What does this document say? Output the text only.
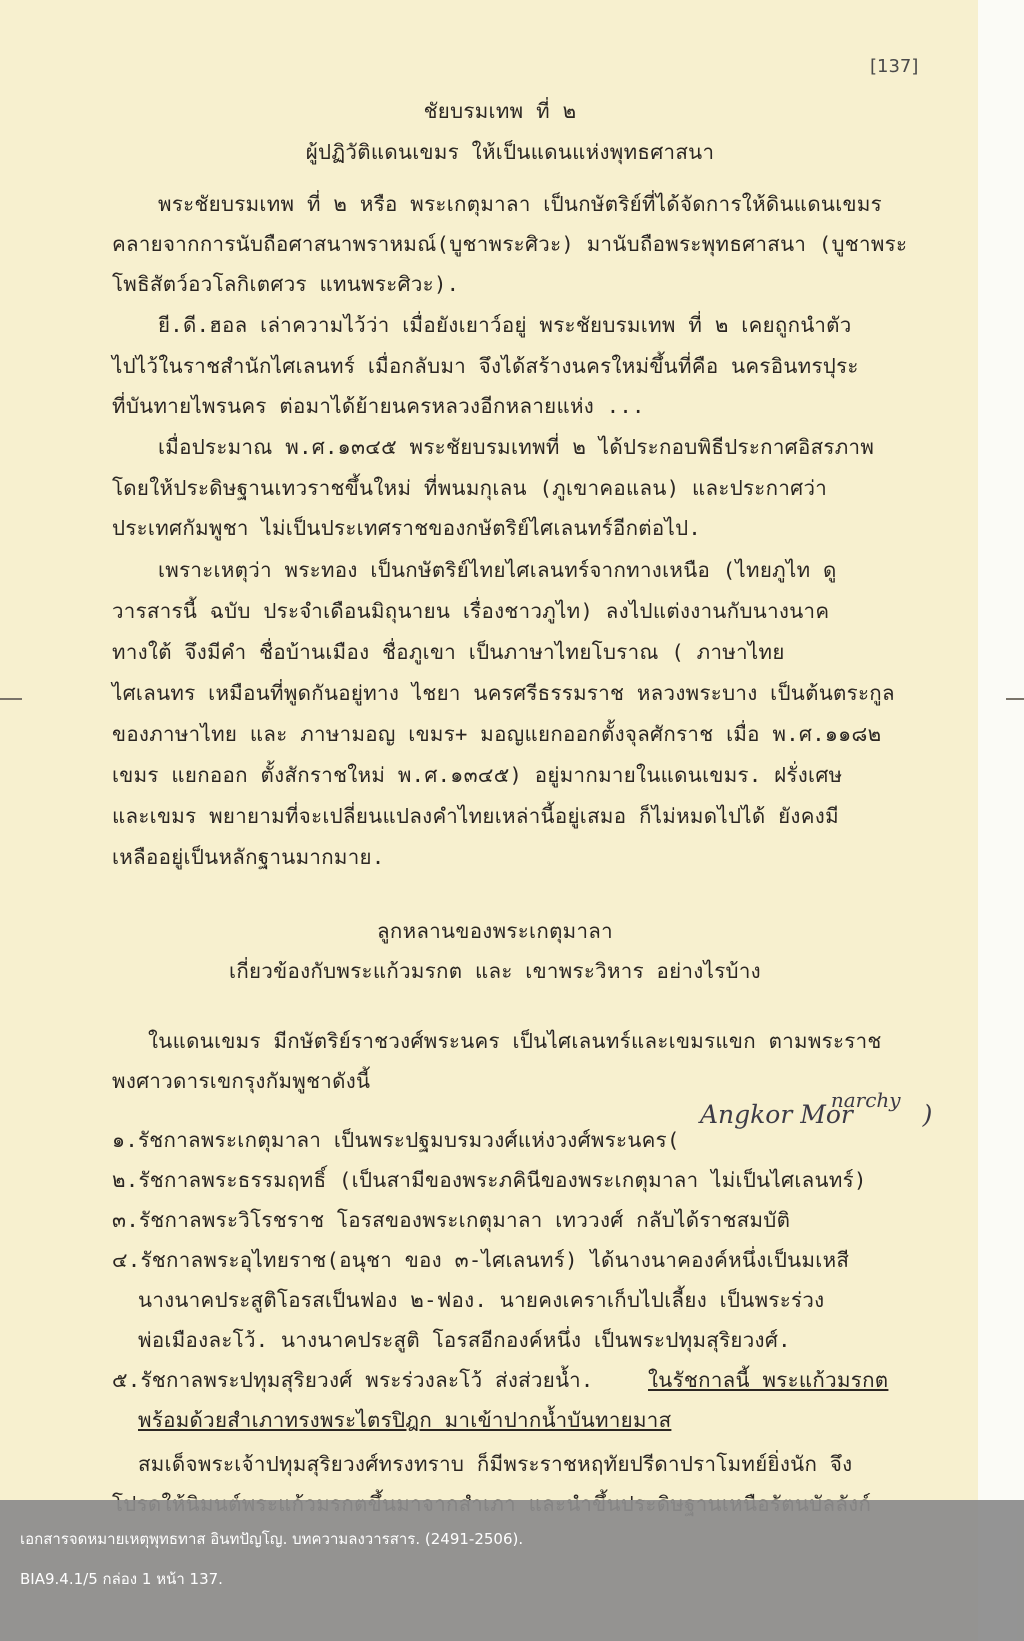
[137]
ชัยบรมเทพ ที่ ๒
ผู้ปฏิวัติแดนเขมร ให้เป็นแดนแห่งพุทธศาสนา
พระชัยบรมเทพ ที่ ๒ หรือ พระเกตุมาลา เป็นกษัตริย์ที่ได้จัดการให้ดินแดนเขมร
คลายจากการนับถือศาสนาพราหมณ์(บูชาพระศิวะ) มานับถือพระพุทธศาสนา (บูชาพระ
โพธิสัตว์อวโลกิเตศวร แทนพระศิวะ).
ยี.ดี.ฮอล เล่าความไว้ว่า เมื่อยังเยาว์อยู่ พระชัยบรมเทพ ที่ ๒ เคยถูกนำตัว
ไปไว้ในราชสำนักไศเลนทร์ เมื่อกลับมา จึงได้สร้างนครใหม่ขึ้นที่คือ นครอินทรปุระ
ที่บันทายไพรนคร ต่อมาได้ย้ายนครหลวงอีกหลายแห่ง ...
เมื่อประมาณ พ.ศ.๑๓๔๕ พระชัยบรมเทพที่ ๒ ได้ประกอบพิธีประกาศอิสรภาพ
โดยให้ประดิษฐานเทวราชขึ้นใหม่ ที่พนมกุเลน (ภูเขาคอแลน) และประกาศว่า
ประเทศกัมพูชา ไม่เป็นประเทศราชของกษัตริย์ไศเลนทร์อีกต่อไป.
เพราะเหตุว่า พระทอง เป็นกษัตริย์ไทยไศเลนทร์จากทางเหนือ (ไทยภูไท ดู
วารสารนี้ ฉบับ ประจำเดือนมิถุนายน เรื่องชาวภูไท) ลงไปแต่งงานกับนางนาค
ทางใต้ จึงมีคำ ชื่อบ้านเมือง ชื่อภูเขา เป็นภาษาไทยโบราณ ( ภาษาไทย
ไศเลนทร เหมือนที่พูดกันอยู่ทาง ไชยา นครศรีธรรมราช หลวงพระบาง เป็นต้นตระกูล
ของภาษาไทย และ ภาษามอญ เขมร+ มอญแยกออกตั้งจุลศักราช เมื่อ พ.ศ.๑๑๘๒
เขมร แยกออก ตั้งสักราชใหม่ พ.ศ.๑๓๔๕) อยู่มากมายในแดนเขมร. ฝรั่งเศษ
และเขมร พยายามที่จะเปลี่ยนแปลงคำไทยเหล่านี้อยู่เสมอ ก็ไม่หมดไปได้ ยังคงมี
เหลืออยู่เป็นหลักฐานมากมาย.
ลูกหลานของพระเกตุมาลา
เกี่ยวข้องกับพระแก้วมรกต และ เขาพระวิหาร อย่างไรบ้าง
ในแดนเขมร มีกษัตริย์ราชวงศ์พระนคร เป็นไศเลนทร์และเขมรแขก ตามพระราช
พงศาวดารเขกรุงกัมพูชาดังนี้
๑.รัชกาลพระเกตุมาลา เป็นพระปฐมบรมวงศ์แห่งวงศ์พระนคร(
Angkor Mor$^{narchy}$ )
๒.รัชกาลพระธรรมฤทธิ์ (เป็นสามีของพระภคินีของพระเกตุมาลา ไม่เป็นไศเลนทร์)
๓.รัชกาลพระวิโรชราช โอรสของพระเกตุมาลา เทววงศ์ กลับได้ราชสมบัติ
๔.รัชกาลพระอุไทยราช(อนุชา ของ ๓-ไศเลนทร์) ได้นางนาคองค์หนึ่งเป็นมเหสี
นางนาคประสูติโอรสเป็นฟอง ๒-ฟอง. นายคงเคราเก็บไปเลี้ยง เป็นพระร่วง
พ่อเมืองละโว้. นางนาคประสูติ โอรสอีกองค์หนึ่ง เป็นพระปทุมสุริยวงศ์.
๕.รัชกาลพระปทุมสุริยวงศ์ พระร่วงละโว้ ส่งส่วยน้ำ.	ในรัชกาลนี้ พระแก้วมรกต
พร้อมด้วยสำเภาทรงพระไตรปิฎก มาเข้าปากน้ำบันทายมาส
สมเด็จพระเจ้าปทุมสุริยวงศ์ทรงทราบ ก็มีพระราชหฤทัยปรีดาปราโมทย์ยิ่งนัก จึง
เอกสารจดหมายเหตุพุทธทาส อินทปัญโญ. บทความลงวารสาร. (2491-2506).
BIA9.4.1/5 กล่อง 1 หน้า 137.
